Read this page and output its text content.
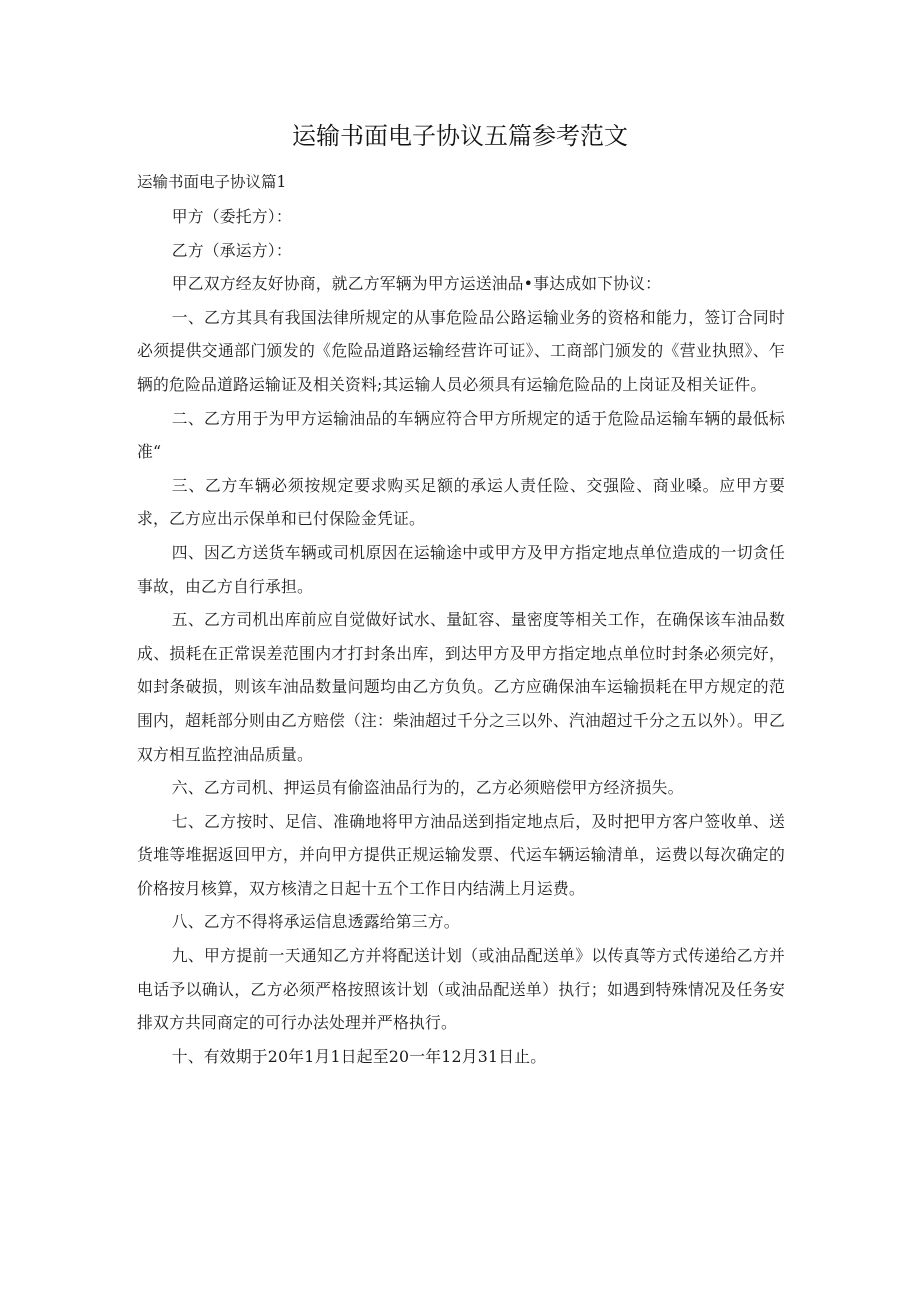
运输书面电子协议五篇参考范文

运输书面电子协议篇1

甲方（委托方）：

乙方（承运方）：

甲乙双方经友好协商，就乙方军辆为甲方运送油品•事达成如下协议：

一、乙方其具有我国法律所规定的从事危险品公路运输业务的资格和能力，签订合同时必须提供交通部门颁发的《危险品道路运输经营许可证》、工商部门颁发的《营业执照》、乍辆的危险品道路运输证及相关资料;其运输人员必须具有运输危险品的上岗证及相关证件。

二、乙方用于为甲方运输油品的车辆应符合甲方所规定的适于危险品运输车辆的最低标准“

三、乙方车辆必须按规定要求购买足额的承运人责任险、交强险、商业嗓。应甲方要求，乙方应出示保单和已付保险金凭证。

四、因乙方送货车辆或司机原因在运输途中或甲方及甲方指定地点单位造成的一切贪任事故，由乙方自行承担。

五、乙方司机出库前应自觉做好试水、量缸容、量密度等相关工作，在确保该车油品数成、损耗在正常误差范围内才打封条出库，到达甲方及甲方指定地点单位时封条必须完好，如封条破损，则该车油品数量问题均由乙方负负。乙方应确保油车运输损耗在甲方规定的范围内，超耗部分则由乙方赔偿（注：柴油超过千分之三以外、汽油超过千分之五以外）。甲乙双方相互监控油品质量。

六、乙方司机、押运员有偷盗油品行为的，乙方必须赔偿甲方经济损失。

七、乙方按时、足信、准确地将甲方油品送到指定地点后，及时把甲方客户签收单、送货堆等堆据返回甲方，并向甲方提供正规运输发票、代运车辆运输清单，运费以每次确定的价格按月核算，双方核清之日起十五个工作日内结满上月运费。

八、乙方不得将承运信息透露给第三方。

九、甲方提前一天通知乙方并将配送计划（或油品配送单》以传真等方式传递给乙方并电话予以确认，乙方必须严格按照该计划（或油品配送单）执行；如遇到特殊情况及任务安排双方共同商定的可行办法处理并严格执行。

十、有效期于20年1月1日起至20一年12月31日止。
